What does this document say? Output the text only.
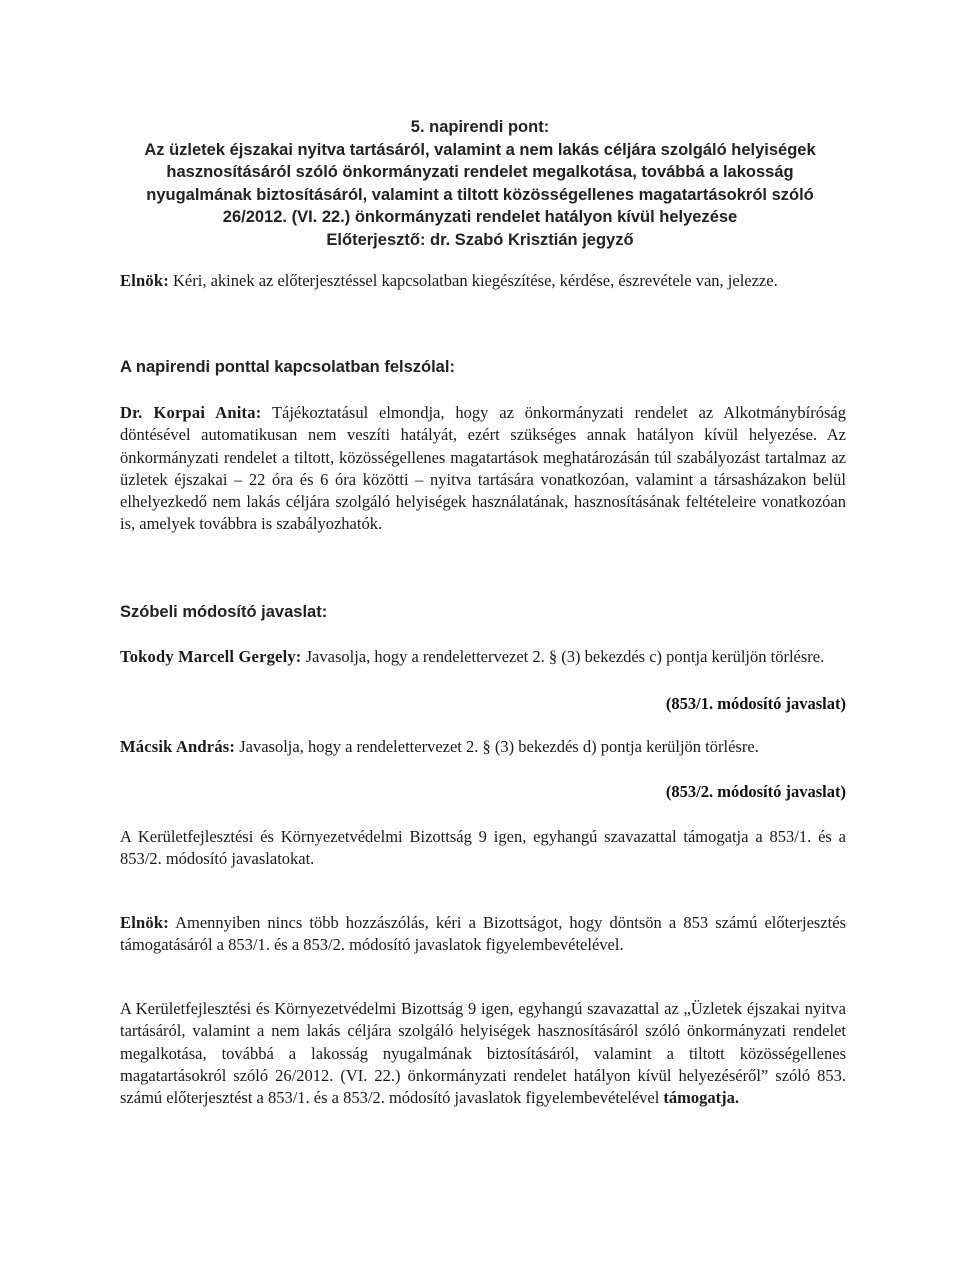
5. napirendi pont:
Az üzletek éjszakai nyitva tartásáról, valamint a nem lakás céljára szolgáló helyiségek
hasznosításáról szóló önkormányzati rendelet megalkotása, továbbá a lakosság
nyugalmának biztosításáról, valamint a tiltott közösségellenes magatartásokról szóló
26/2012. (VI. 22.) önkormányzati rendelet hatályon kívül helyezése
Előterjesztő: dr. Szabó Krisztián jegyző
Elnök: Kéri, akinek az előterjesztéssel kapcsolatban kiegészítése, kérdése, észrevétele van, jelezze.
A napirendi ponttal kapcsolatban felszólal:
Dr. Korpai Anita: Tájékoztatásul elmondja, hogy az önkormányzati rendelet az Alkotmánybíróság döntésével automatikusan nem veszíti hatályát, ezért szükséges annak hatályon kívül helyezése. Az önkormányzati rendelet a tiltott, közösségellenes magatartások meghatározásán túl szabályozást tartalmaz az üzletek éjszakai – 22 óra és 6 óra közötti – nyitva tartására vonatkozóan, valamint a társasházakon belül elhelyezkedő nem lakás céljára szolgáló helyiségek használatának, hasznosításának feltételeire vonatkozóan is, amelyek továbbra is szabályozhatók.
Szóbeli módosító javaslat:
Tokody Marcell Gergely: Javasolja, hogy a rendelettervezet 2. § (3) bekezdés c) pontja kerüljön törlésre.
(853/1. módosító javaslat)
Mácsik András: Javasolja, hogy a rendelettervezet 2. § (3) bekezdés d) pontja kerüljön törlésre.
(853/2. módosító javaslat)
A Kerületfejlesztési és Környezetvédelmi Bizottság 9 igen, egyhangú szavazattal támogatja a 853/1. és a 853/2. módosító javaslatokat.
Elnök: Amennyiben nincs több hozzászólás, kéri a Bizottságot, hogy döntsön a 853 számú előterjesztés támogatásáról a 853/1. és a 853/2. módosító javaslatok figyelembevételével.
A Kerületfejlesztési és Környezetvédelmi Bizottság 9 igen, egyhangú szavazattal az „Üzletek éjszakai nyitva tartásáról, valamint a nem lakás céljára szolgáló helyiségek hasznosításáról szóló önkormányzati rendelet megalkotása, továbbá a lakosság nyugalmának biztosításáról, valamint a tiltott közösségellenes magatartásokról szóló 26/2012. (VI. 22.) önkormányzati rendelet hatályon kívül helyezéséről” szóló 853. számú előterjesztést a 853/1. és a 853/2. módosító javaslatok figyelembevételével támogatja.
